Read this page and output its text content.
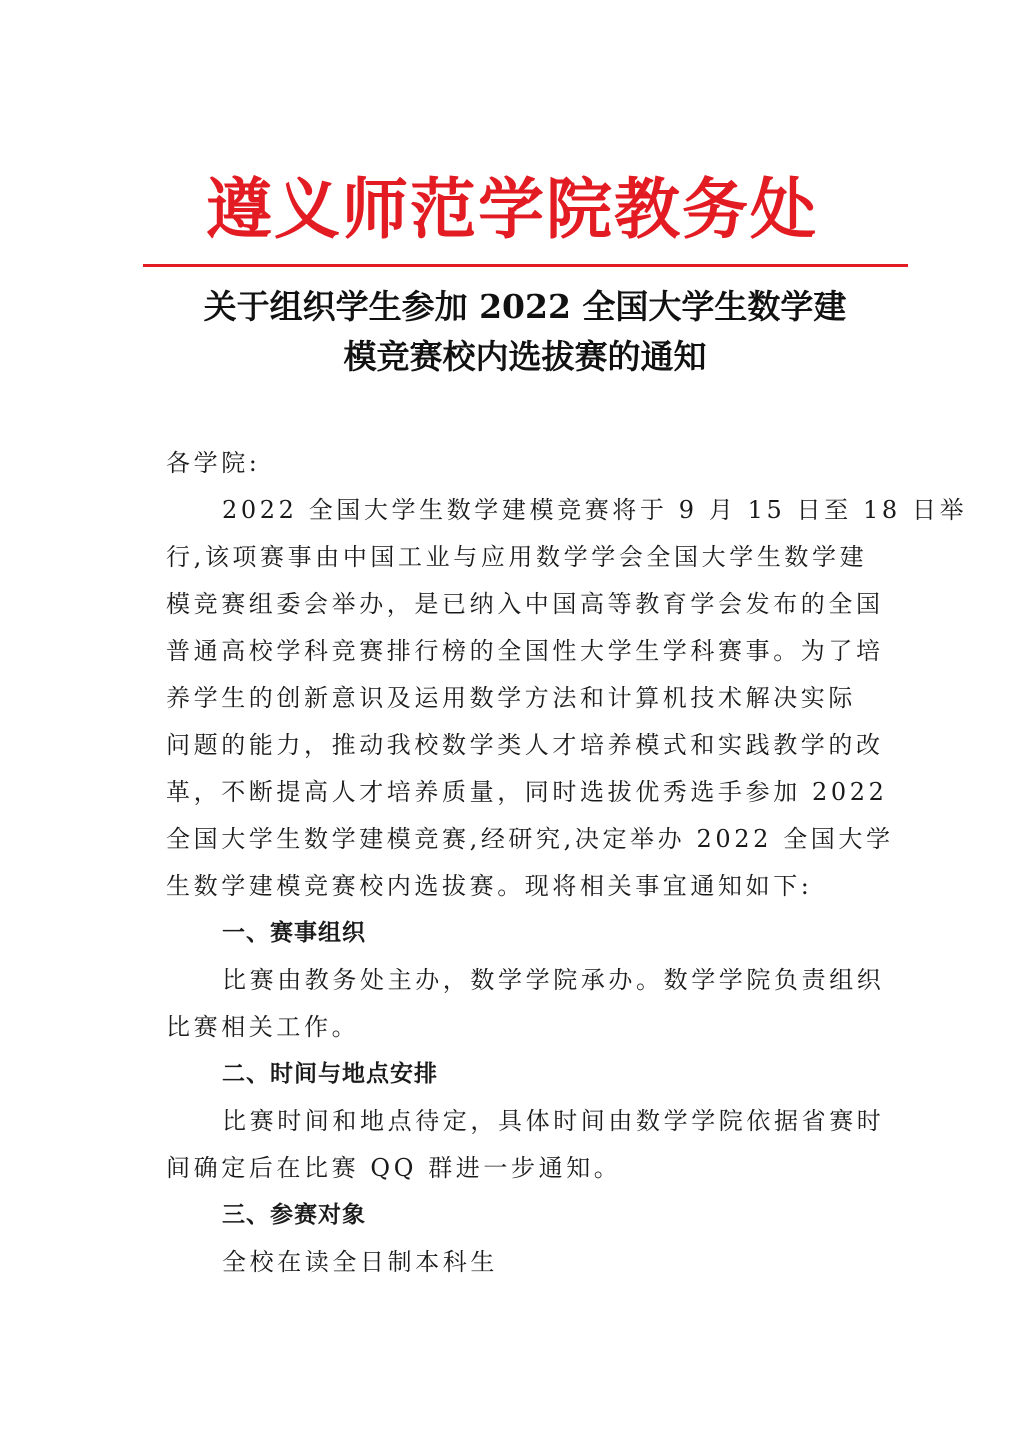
遵义师范学院教务处
关于组织学生参加 2022 全国大学生数学建
模竞赛校内选拔赛的通知
各学院:
2022 全国大学生数学建模竞赛将于 9 月 15 日至 18 日举
行,该项赛事由中国工业与应用数学学会全国大学生数学建
模竞赛组委会举办，是已纳入中国高等教育学会发布的全国
普通高校学科竞赛排行榜的全国性大学生学科赛事。为了培
养学生的创新意识及运用数学方法和计算机技术解决实际
问题的能力，推动我校数学类人才培养模式和实践教学的改
革，不断提高人才培养质量，同时选拔优秀选手参加 2022
全国大学生数学建模竞赛,经研究,决定举办 2022 全国大学
生数学建模竞赛校内选拔赛。现将相关事宜通知如下:
一、赛事组织
比赛由教务处主办，数学学院承办。数学学院负责组织
比赛相关工作。
二、时间与地点安排
比赛时间和地点待定，具体时间由数学学院依据省赛时
间确定后在比赛 QQ 群进一步通知。
三、参赛对象
全校在读全日制本科生
